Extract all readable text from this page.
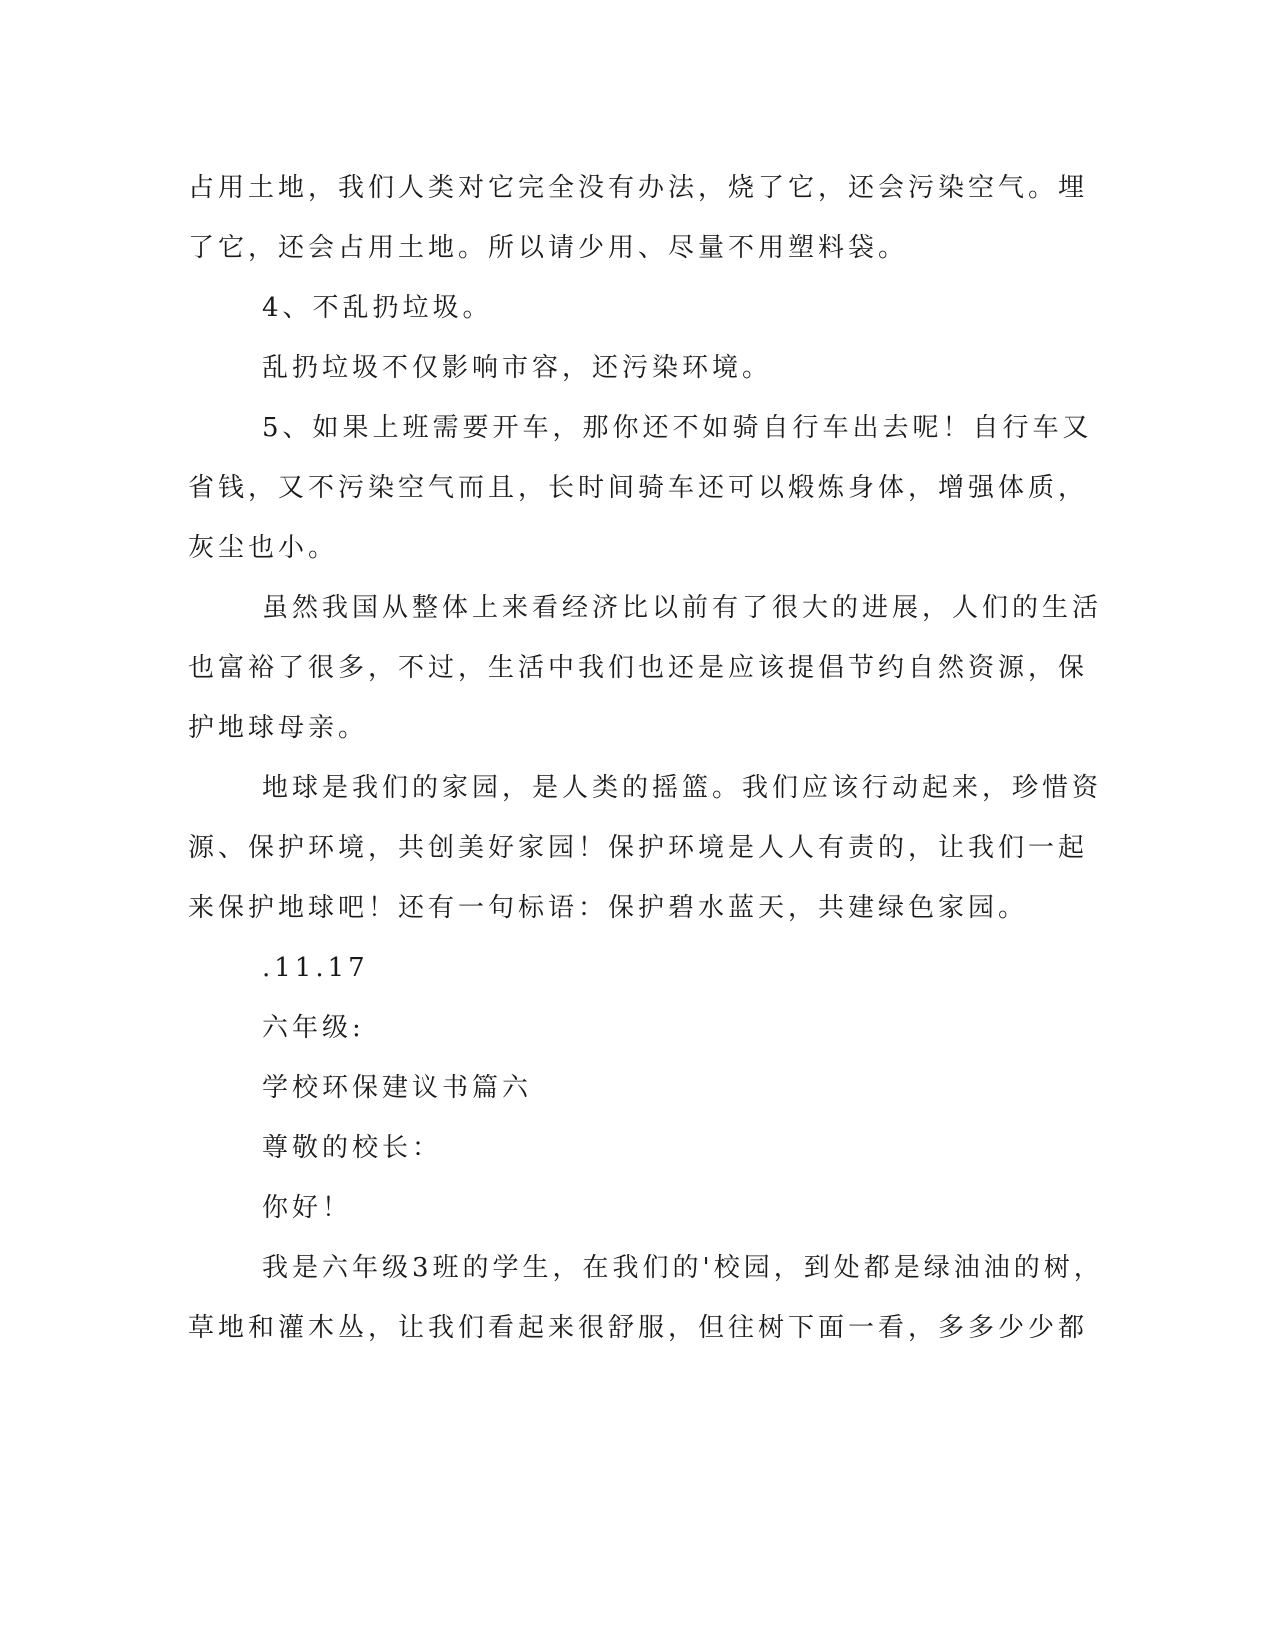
占用土地，我们人类对它完全没有办法，烧了它，还会污染空气。埋
了它，还会占用土地。所以请少用、尽量不用塑料袋。
4、不乱扔垃圾。
乱扔垃圾不仅影响市容，还污染环境。
5、如果上班需要开车，那你还不如骑自行车出去呢！自行车又
省钱，又不污染空气而且，长时间骑车还可以煅炼身体，增强体质，
灰尘也小。
虽然我国从整体上来看经济比以前有了很大的进展，人们的生活
也富裕了很多，不过，生活中我们也还是应该提倡节约自然资源，保
护地球母亲。
地球是我们的家园，是人类的摇篮。我们应该行动起来，珍惜资
源、保护环境，共创美好家园！保护环境是人人有责的，让我们一起
来保护地球吧！还有一句标语：保护碧水蓝天，共建绿色家园。
.11.17
六年级:
学校环保建议书篇六
尊敬的校长：
你好！
我是六年级3班的学生，在我们的'校园，到处都是绿油油的树，
草地和灌木丛，让我们看起来很舒服，但往树下面一看，多多少少都
